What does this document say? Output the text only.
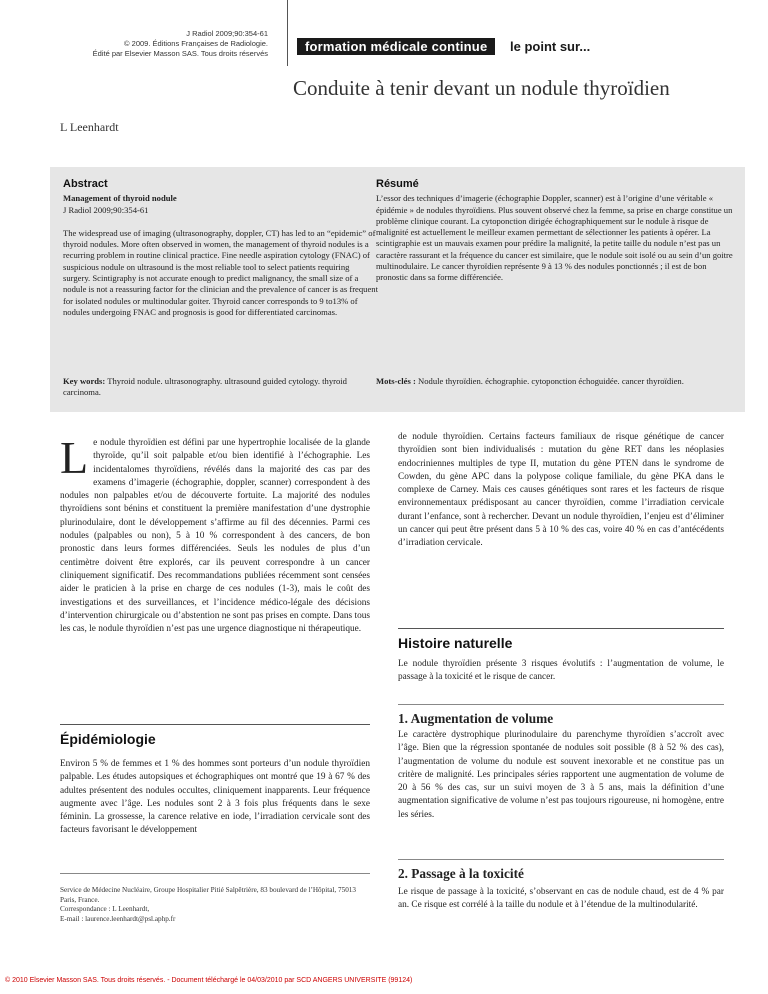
J Radiol 2009;90:354-61
© 2009. Éditions Françaises de Radiologie.
Édité par Elsevier Masson SAS. Tous droits réservés	formation médicale continue	le point sur...
Conduite à tenir devant un nodule thyroïdien
L Leenhardt
Abstract
Management of thyroid nodule
J Radiol 2009;90:354-61
The widespread use of imaging (ultrasonography, doppler, CT) has led to an “epidemic” of thyroid nodules. More often observed in women, the management of thyroid nodules is a recurring problem in routine clinical practice. Fine needle aspiration cytology (FNAC) of suspicious nodule on ultrasound is the most reliable tool to select patients requiring surgery. Scintigraphy is not accurate enough to predict malignancy, the small size of a nodule is not a reassuring factor for the clinician and the prevalence of cancer is as frequent for isolated nodules or multinodular goiter. Thyroid cancer corresponds to 9 to13% of nodules undergoing FNAC and prognosis is good for differentiated carcinomas.
Résumé
L’essor des techniques d’imagerie (échographie Doppler, scanner) est à l’origine d’une véritable « épidémie » de nodules thyroïdiens. Plus souvent observé chez la femme, sa prise en charge constitue un problème clinique courant. La cytoponction dirigée échographiquement sur le nodule à risque de malignité est actuellement le meilleur examen permettant de sélectionner les patients à opérer. La scintigraphie est un mauvais examen pour prédire la malignité, la petite taille du nodule n’est pas un caractère rassurant et la fréquence du cancer est similaire, que le nodule soit isolé ou au sein d’un goitre multinodulaire. Le cancer thyroïdien représente 9 à 13 % des nodules ponctionnés ; il est de bon pronostic dans sa forme différenciée.
Key words: Thyroid nodule. ultrasonography. ultrasound guided cytology. thyroid carcinoma.
Mots-clés : Nodule thyroïdien. échographie. cytoponction échoguidée. cancer thyroïdien.
Le nodule thyroïdien est défini par une hypertrophie localisée de la glande thyroïde, qu’il soit palpable et/ou bien identifié à l’échographie. Les incidentalomes thyroïdiens, révélés dans la majorité des cas par des examens d’imagerie (échographie, doppler, scanner) correspondent à des nodules non palpables et/ou de découverte fortuite. La majorité des nodules thyroïdiens sont bénins et constituent la première manifestation d’une dystrophie plurinodulaire, dont le développement s’affirme au fil des décennies. Parmi ces nodules (palpables ou non), 5 à 10 % correspondent à des cancers, de bon pronostic dans leurs formes différenciées. Seuls les nodules de plus d’un centimètre doivent être explorés, car ils peuvent correspondre à un cancer cliniquement significatif. Des recommandations publiées récemment sont censées aider le praticien à la prise en charge de ces nodules (1-3), mais le coût des investigations et des surveillances, et l’incidence médico-légale des décisions d’intervention chirurgicale ou d’abstention ne sont pas prises en compte. Dans tous les cas, le nodule thyroïdien n’est pas une urgence diagnostique ni thérapeutique.
de nodule thyroïdien. Certains facteurs familiaux de risque génétique de cancer thyroïdien sont bien individualisés : mutation du gène RET dans les néoplasies endocriniennes multiples de type II, mutation du gène PTEN dans le syndrome de Cowden, du gène APC dans la polypose colique familiale, du gène PKA dans le complexe de Carney. Mais ces causes génétiques sont rares et les facteurs de risque environnementaux prédisposant au cancer thyroïdien, comme l’irradiation cervicale durant l’enfance, sont à rechercher. Devant un nodule thyroïdien, l’enjeu est d’éliminer un cancer qui peut être présent dans 5 à 10 % des cas, voire 40 % en cas d’antécédents d’irradiation cervicale.
Épidémiologie
Environ 5 % de femmes et 1 % des hommes sont porteurs d’un nodule thyroïdien palpable. Les études autopsiques et échographiques ont montré que 19 à 67 % des adultes présentent des nodules occultes, cliniquement inapparents. Leur fréquence augmente avec l’âge. Les nodules sont 2 à 3 fois plus fréquents dans le sexe féminin. La grossesse, la carence relative en iode, l’irradiation cervicale sont des facteurs favorisant le développement
Histoire naturelle
Le nodule thyroïdien présente 3 risques évolutifs : l’augmentation de volume, le passage à la toxicité et le risque de cancer.
1. Augmentation de volume
Le caractère dystrophique plurinodulaire du parenchyme thyroïdien s’accroît avec l’âge. Bien que la régression spontanée de nodules soit possible (8 à 52 % des cas), l’augmentation de volume du nodule est souvent inexorable et ne constitue pas un critère de malignité. Les principales séries rapportent une augmentation de volume de 20 à 56 % des cas, sur un suivi moyen de 3 à 5 ans, mais la définition d’une augmentation significative de volume n’est pas toujours rigoureuse, ni homogène, entre les séries.
2. Passage à la toxicité
Le risque de passage à la toxicité, s’observant en cas de nodule chaud, est de 4 % par an. Ce risque est corrélé à la taille du nodule et à l’étendue de la multinodularité.
Service de Médecine Nucléaire, Groupe Hospitalier Pitié Salpêtrière, 83 boulevard de l’Hôpital, 75013 Paris, France.
Correspondance : L Leenhardt,
E-mail : laurence.leenhardt@psl.aphp.fr
© 2010 Elsevier Masson SAS. Tous droits réservés. - Document téléchargé le 04/03/2010 par SCD ANGERS UNIVERSITE (99124)
